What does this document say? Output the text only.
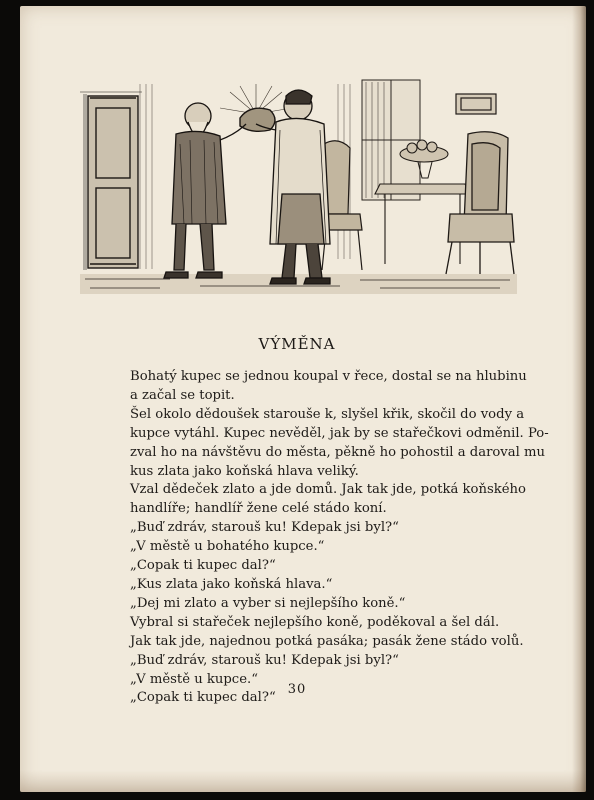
VÝMĚNA
Bohatý kupec se jednou koupal v řece, dostal se na hlubinu
a začal se topit.
Šel okolo dědoušek starouše k, slyšel křik, skočil do vody a
kupce vytáhl. Kupec nevěděl, jak by se stařečkovi odměnil. Po-
zval ho na návštěvu do města, pěkně ho pohostil a daroval mu
kus zlata jako koňská hlava veliký.
Vzal dědeček zlato a jde domů. Jak tak jde, potká koňského
handlíře; handlíř žene celé stádo koní.
„Buď zdráv, starouš ku! Kdepak jsi byl?“
„V městě u bohatého kupce.“
„Copak ti kupec dal?“
„Kus zlata jako koňská hlava.“
„Dej mi zlato a vyber si nejlepšího koně.“
Vybral si stařeček nejlepšího koně, poděkoval a šel dál.
Jak tak jde, najednou potká pasáka; pasák žene stádo volů.
„Buď zdráv, starouš ku! Kdepak jsi byl?“
„V městě u kupce.“
„Copak ti kupec dal?“
30
